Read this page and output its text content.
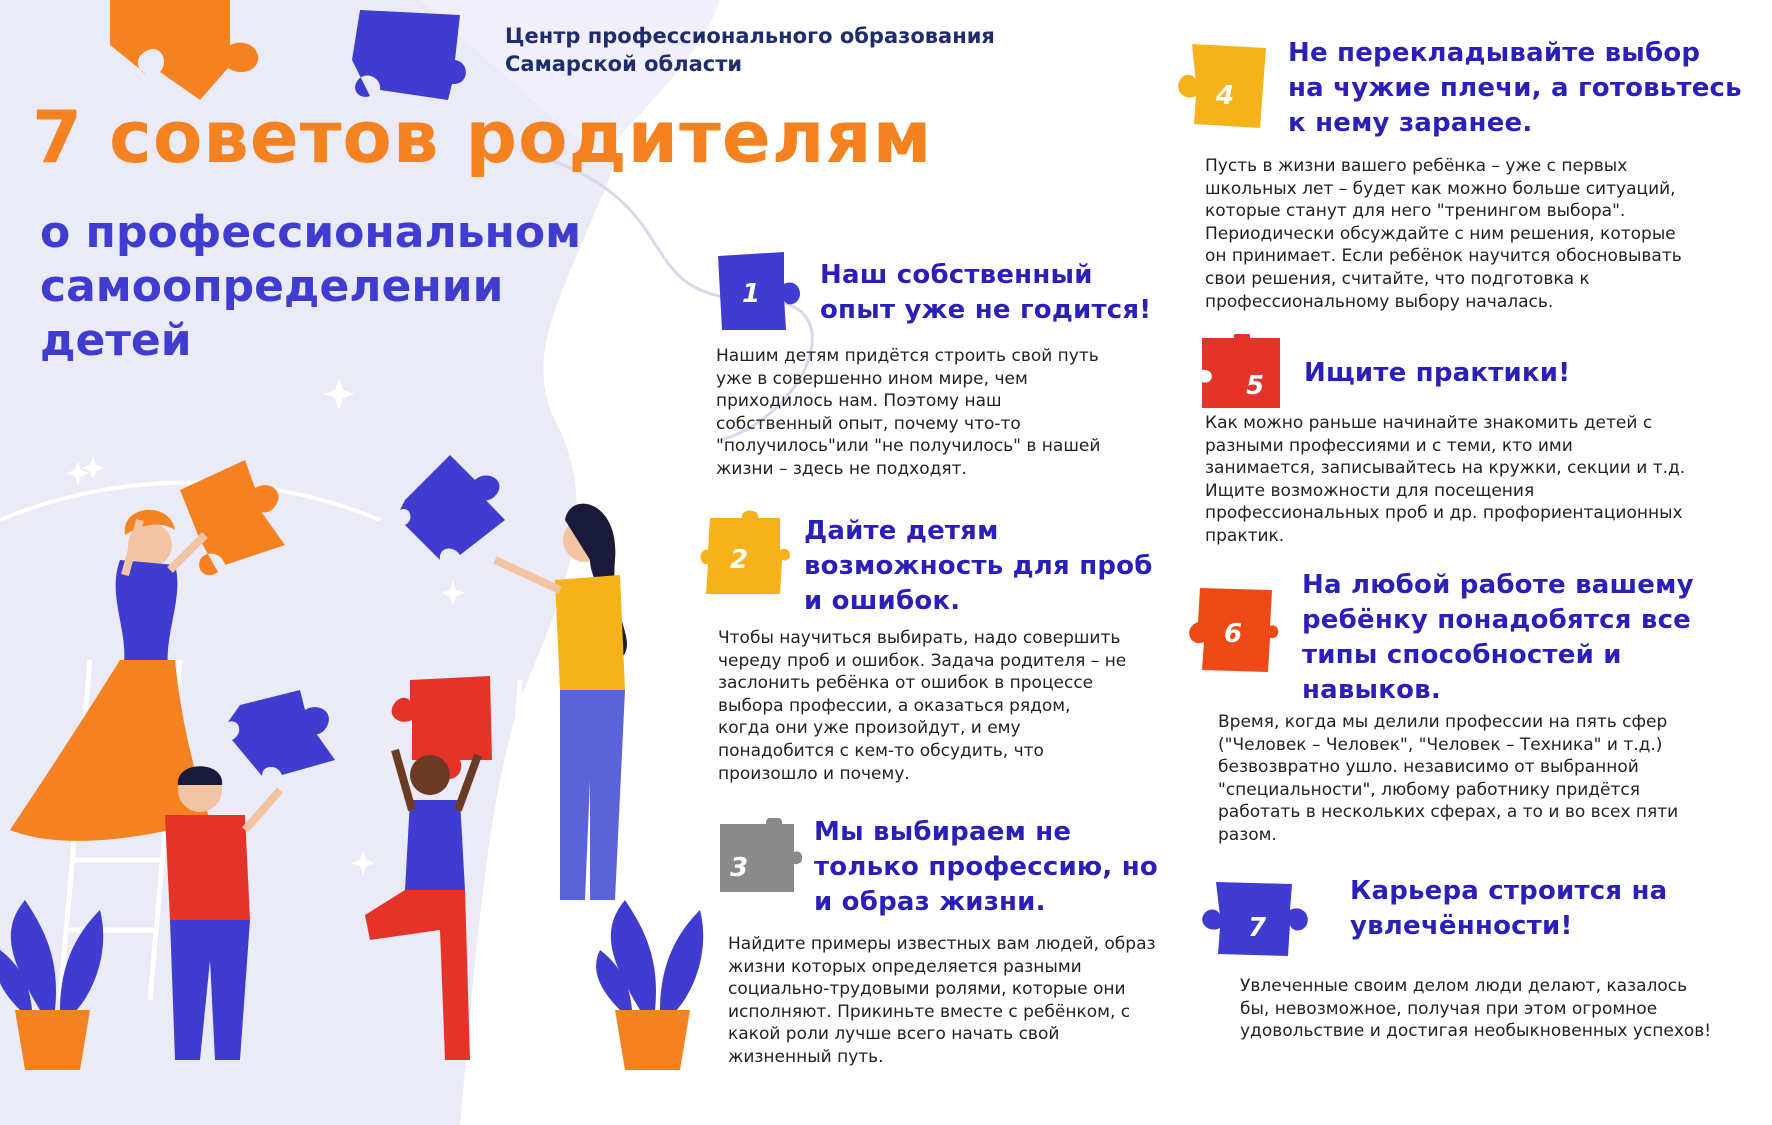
Центр профессионального образования
Самарской области
7 советов родителям
о профессиональном
самоопределении
детей
1
Наш собственный
опыт уже не годится!
Нашим детям придётся строить свой путь
уже в совершенно ином мире, чем
приходилось нам. Поэтому наш
собственный опыт, почему что-то
"получилось"или "не получилось" в нашей
жизни – здесь не подходят.
2
Дайте детям
возможность для проб
и ошибок.
Чтобы научиться выбирать, надо совершить
череду проб и ошибок. Задача родителя – не
заслонить ребёнка от ошибок в процессе
выбора профессии, а оказаться рядом,
когда они уже произойдут, и ему
понадобится с кем-то обсудить, что
произошло и почему.
3
Мы выбираем не
только профессию, но
и образ жизни.
Найдите примеры известных вам людей, образ
жизни которых определяется разными
социально-трудовыми ролями, которые они
исполняют. Прикиньте вместе с ребёнком, с
какой роли лучше всего начать свой
жизненный путь.
4
Не перекладывайте выбор
на чужие плечи, а готовьтесь
к нему заранее.
Пусть в жизни вашего ребёнка – уже с первых
школьных лет – будет как можно больше ситуаций,
которые станут для него "тренингом выбора".
Периодически обсуждайте с ним решения, которые
он принимает. Если ребёнок научится обосновывать
свои решения, считайте, что подготовка к
профессиональному выбору началась.
5 Ищите практики!
Как можно раньше начинайте знакомить детей с
разными профессиями и с теми, кто ими
занимается, записывайтесь на кружки, секции и т.д.
Ищите возможности для посещения
профессиональных проб и др. профориентационных
практик.
6
На любой работе вашему
ребёнку понадобятся все
типы способностей и
навыков.
Время, когда мы делили профессии на пять сфер
("Человек – Человек", "Человек – Техника" и т.д.)
безвозвратно ушло. независимо от выбранной
"специальности", любому работнику придётся
работать в нескольких сферах, а то и во всех пяти
разом.
7
Карьера строится на
увлечённости!
Увлеченные своим делом люди делают, казалось
бы, невозможное, получая при этом огромное
удовольствие и достигая необыкновенных успехов!
